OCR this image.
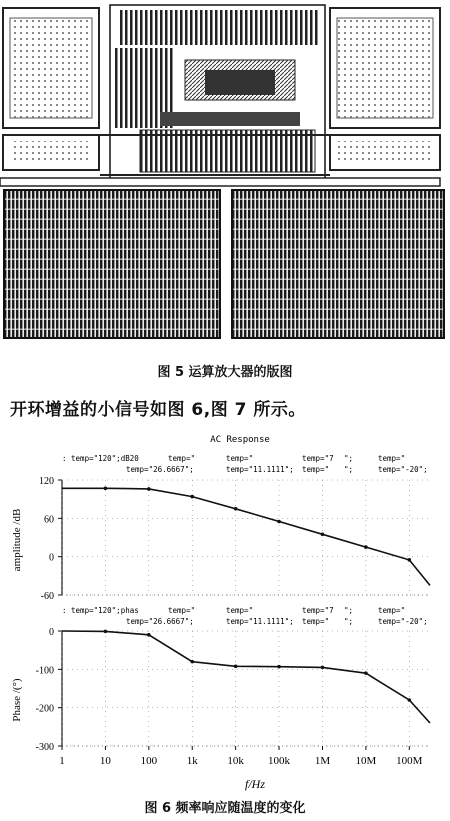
图 5 运算放大器的版图
开环增益的小信号如图 6,图 7 所示。
AC Response
: temp="120";dB20	temp="	temp="	temp="7 ";	temp="
temp="26.6667";	temp="11.1111"; temp=" ";	temp="-20";
120
60
0
-60
amplitude /dB
: temp="120";phas	temp="	temp="	temp="7 ";	temp="
temp="26.6667";	temp="11.1111"; temp=" ";	temp="-20";
0
-100
-200
-300
Phase /(°)
1	10	100	1k	10k 100k 1M 10M 100M
f/Hz
图 6 频率响应随温度的变化
